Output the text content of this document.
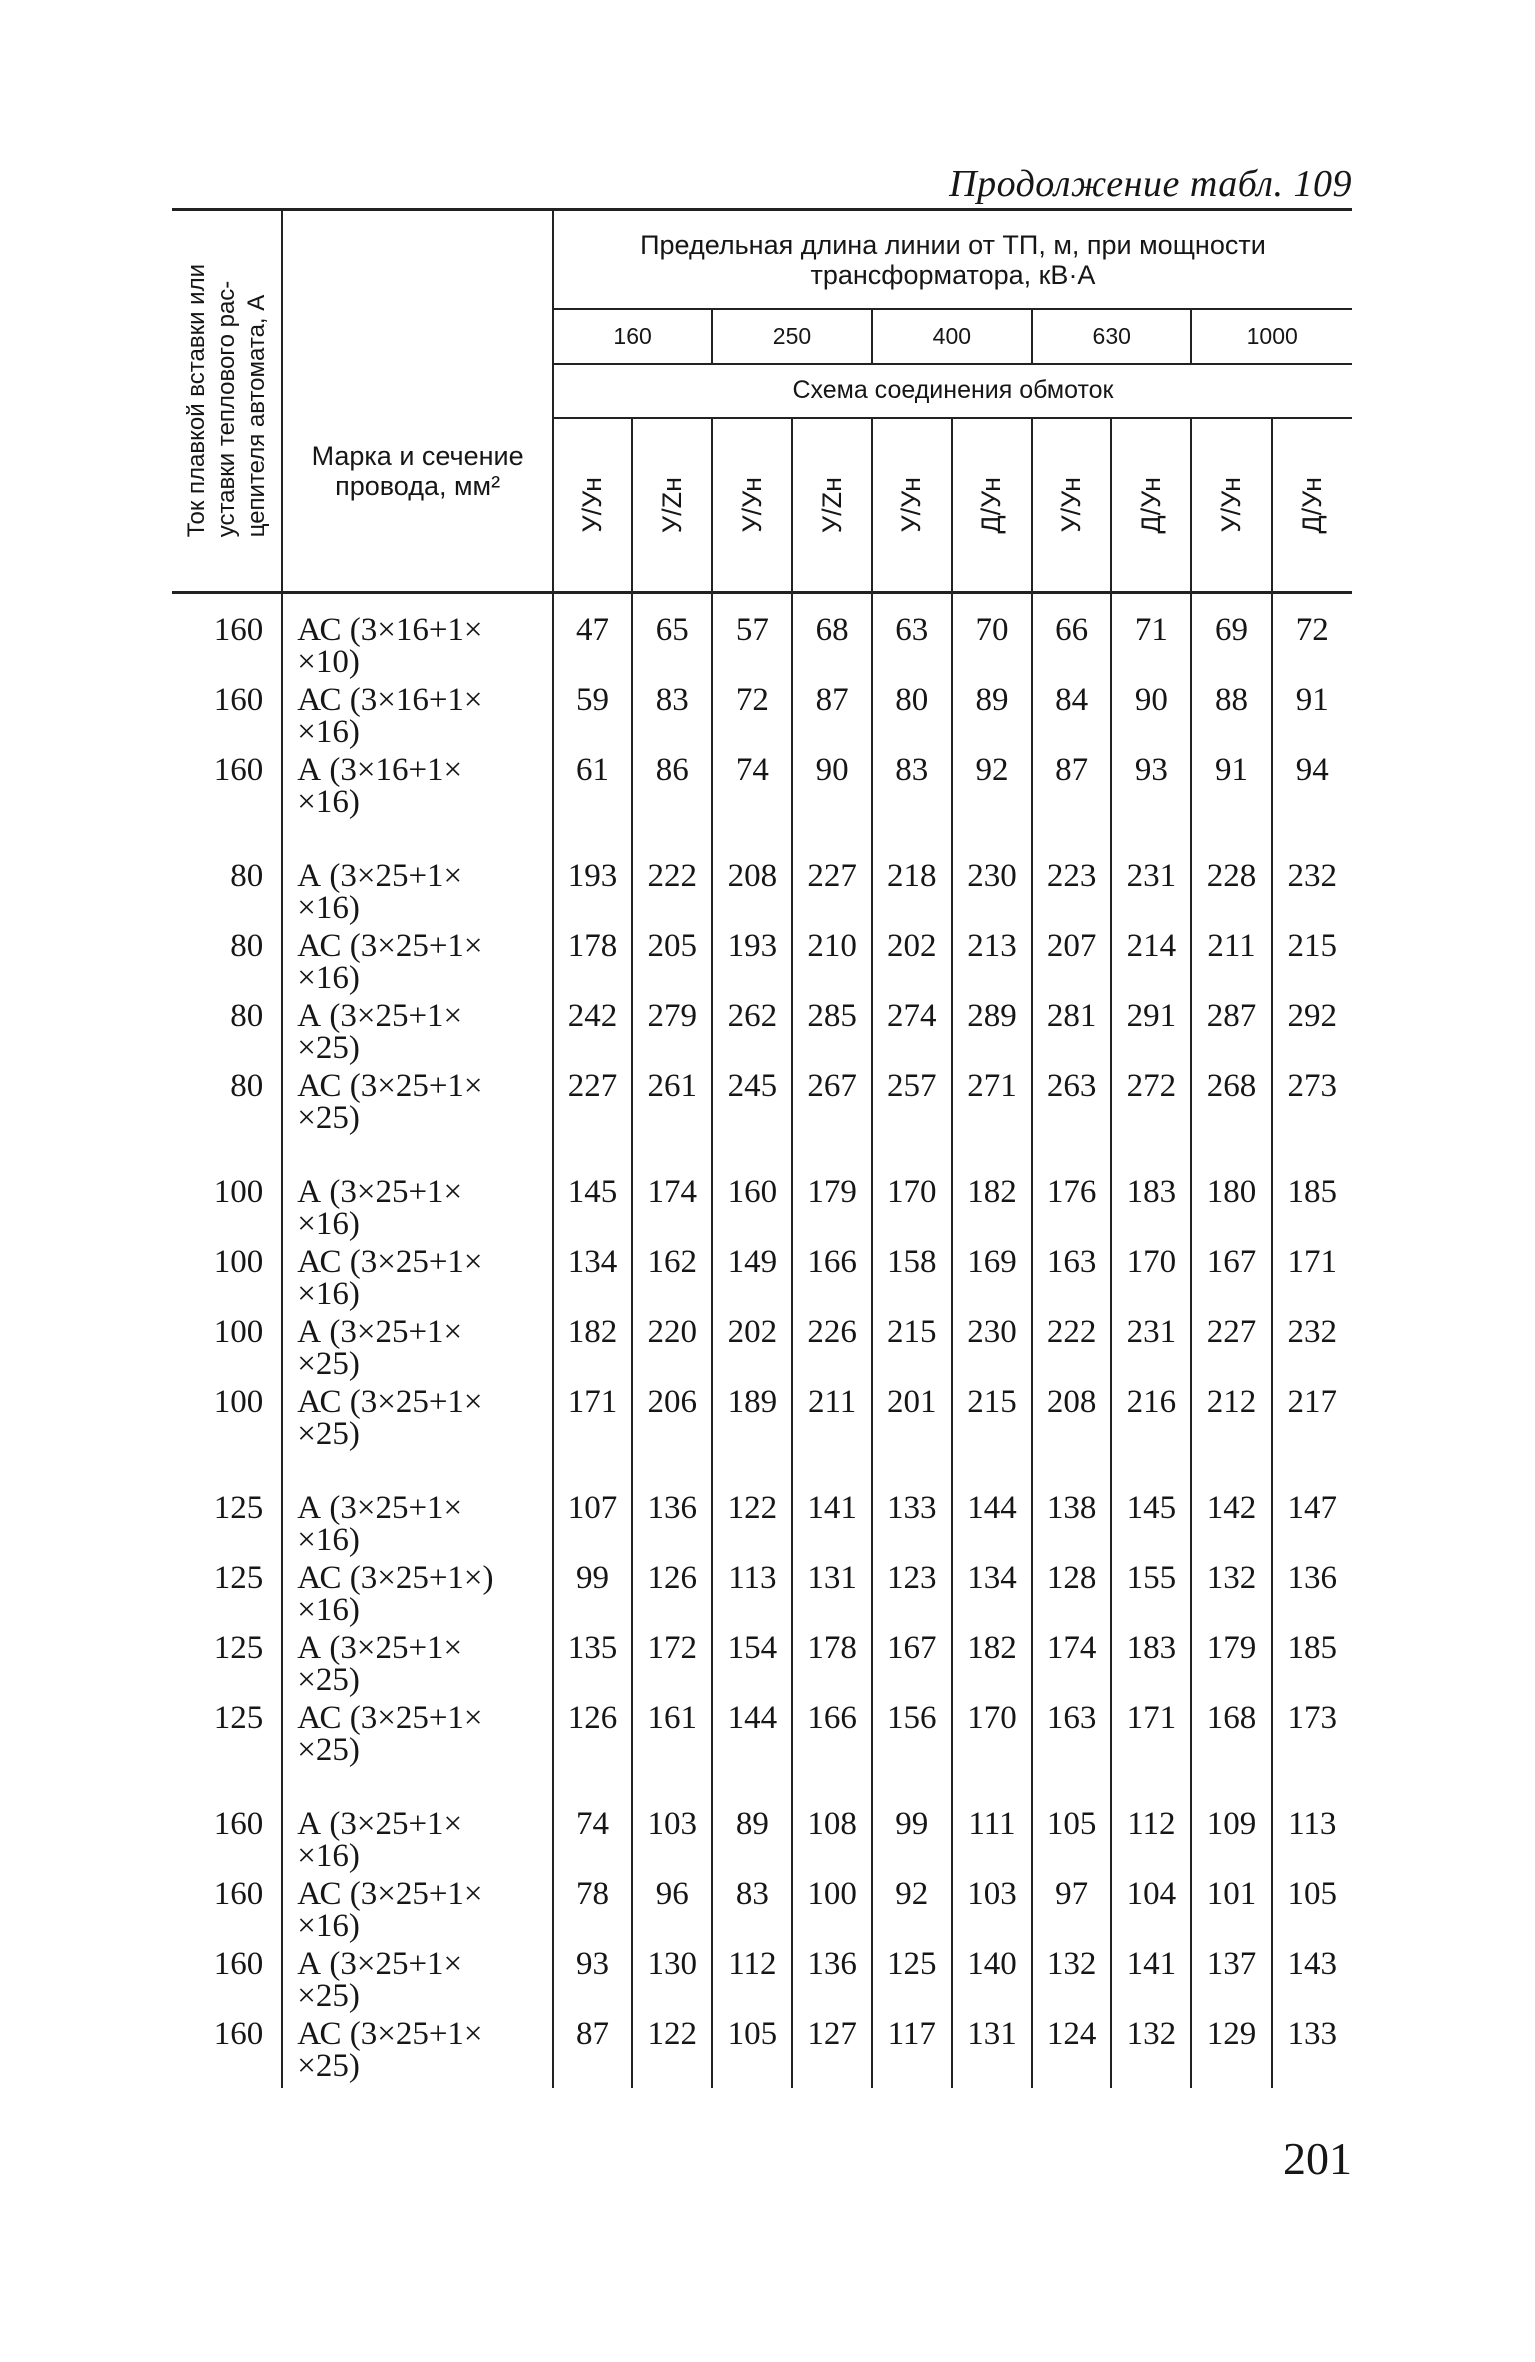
Продолжение табл. 109
Ток плавкой вставки или
уставки теплового рас-
цепителя автомата, А	Марка и сечение
провода, мм²	Предельная длина линии от ТП, м, при мощности
трансформатора, кВ·А									

		160		250		400		630		1000	
		Схема соединения обмоток									

		У/Ун	У/Zн	У/Ун	У/Zн	У/Ун	Д/Ун	У/Ун	Д/Ун	У/Ун	Д/Ун

160	АС (3×16+1×
×10)	47	65	57	68	63	70	66	71	69	72
160	АС (3×16+1×
×16)	59	83	72	87	80	89	84	90	88	91
160	А (3×16+1×
×16)	61	86	74	90	83	92	87	93	91	94

80	А (3×25+1×
×16)	193	222	208	227	218	230	223	231	228	232
80	АС (3×25+1×
×16)	178	205	193	210	202	213	207	214	211	215
80	А (3×25+1×
×25)	242	279	262	285	274	289	281	291	287	292
80	АС (3×25+1×
×25)	227	261	245	267	257	271	263	272	268	273

100	А (3×25+1×
×16)	145	174	160	179	170	182	176	183	180	185
100	АС (3×25+1×
×16)	134	162	149	166	158	169	163	170	167	171
100	А (3×25+1×
×25)	182	220	202	226	215	230	222	231	227	232
100	АС (3×25+1×
×25)	171	206	189	211	201	215	208	216	212	217

125	А (3×25+1×
×16)	107	136	122	141	133	144	138	145	142	147
125	АС (3×25+1×)
×16)	99	126	113	131	123	134	128	155	132	136
125	А (3×25+1×
×25)	135	172	154	178	167	182	174	183	179	185
125	АС (3×25+1×
×25)	126	161	144	166	156	170	163	171	168	173

160	А (3×25+1×
×16)	74	103	89	108	99	111	105	112	109	113
160	АС (3×25+1×
×16)	78	96	83	100	92	103	97	104	101	105
160	А (3×25+1×
×25)	93	130	112	136	125	140	132	141	137	143
160	АС (3×25+1×
×25)	87	122	105	127	117	131	124	132	129	133
201
